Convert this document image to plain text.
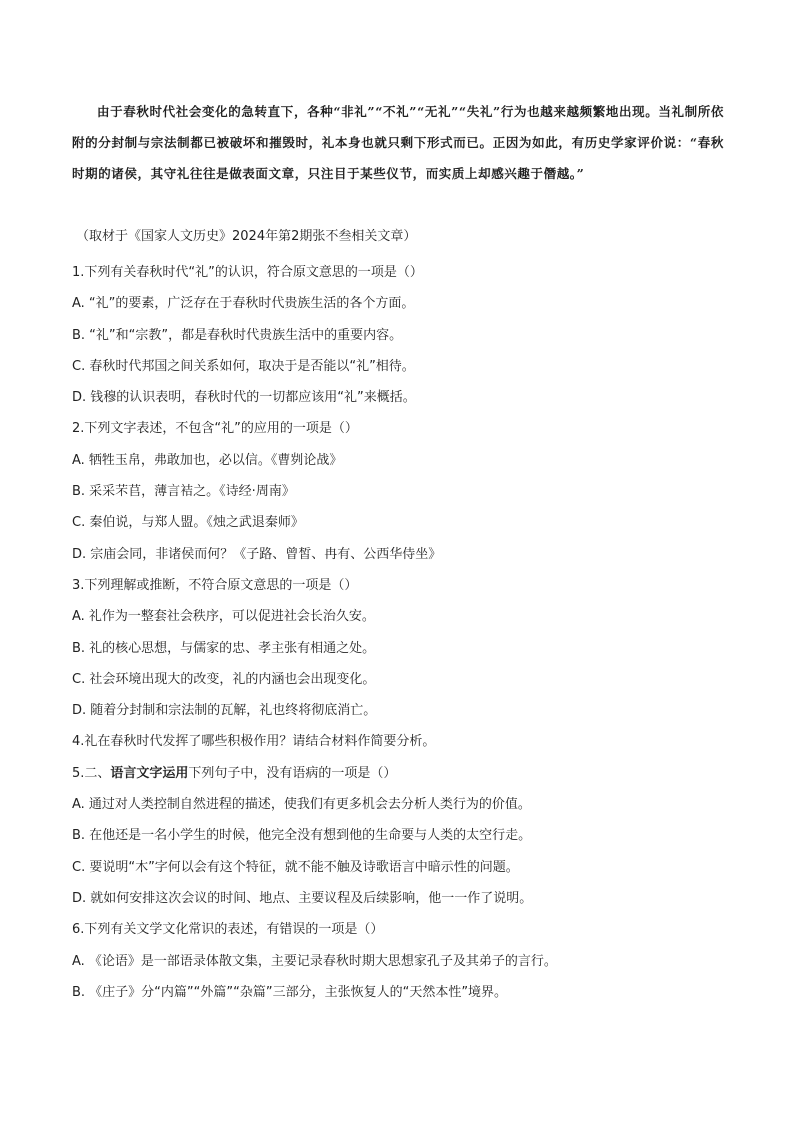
由于春秋时代社会变化的急转直下，各种“非礼”“不礼”“无礼”“失礼”行为也越来越频繁地出现。当礼制所依附的分封制与宗法制都已被破坏和摧毁时，礼本身也就只剩下形式而已。正因为如此，有历史学家评价说：“春秋时期的诸侯，其守礼往往是做表面文章，只注目于某些仪节，而实质上却感兴趣于僭越。”
（取材于《国家人文历史》2024年第2期张不叁相关文章）
1.下列有关春秋时代“礼”的认识，符合原文意思的一项是（）
A. “礼”的要素，广泛存在于春秋时代贵族生活的各个方面。
B. “礼”和“宗教”，都是春秋时代贵族生活中的重要内容。
C. 春秋时代邦国之间关系如何，取决于是否能以“礼”相待。
D. 钱穆的认识表明，春秋时代的一切都应该用“礼”来概括。
2.下列文字表述，不包含“礼”的应用的一项是（）
A. 牺牲玉帛，弗敢加也，必以信。《曹刿论战》
B. 采采芣苢，薄言袺之。《诗经·周南》
C. 秦伯说，与郑人盟。《烛之武退秦师》
D. 宗庙会同，非诸侯而何？《子路、曾皙、冉有、公西华侍坐》
3.下列理解或推断，不符合原文意思的一项是（）
A. 礼作为一整套社会秩序，可以促进社会长治久安。
B. 礼的核心思想，与儒家的忠、孝主张有相通之处。
C. 社会环境出现大的改变，礼的内涵也会出现变化。
D. 随着分封制和宗法制的瓦解，礼也终将彻底消亡。
4.礼在春秋时代发挥了哪些积极作用？请结合材料作简要分析。
5.二、语言文字运用下列句子中，没有语病的一项是（）
A. 通过对人类控制自然进程的描述，使我们有更多机会去分析人类行为的价值。
B. 在他还是一名小学生的时候，他完全没有想到他的生命要与人类的太空行走。
C. 要说明“木”字何以会有这个特征，就不能不触及诗歌语言中暗示性的问题。
D. 就如何安排这次会议的时间、地点、主要议程及后续影响，他一一作了说明。
6.下列有关文学文化常识的表述，有错误的一项是（）
A. 《论语》是一部语录体散文集，主要记录春秋时期大思想家孔子及其弟子的言行。
B. 《庄子》分“内篇”“外篇”“杂篇”三部分，主张恢复人的“天然本性”境界。
